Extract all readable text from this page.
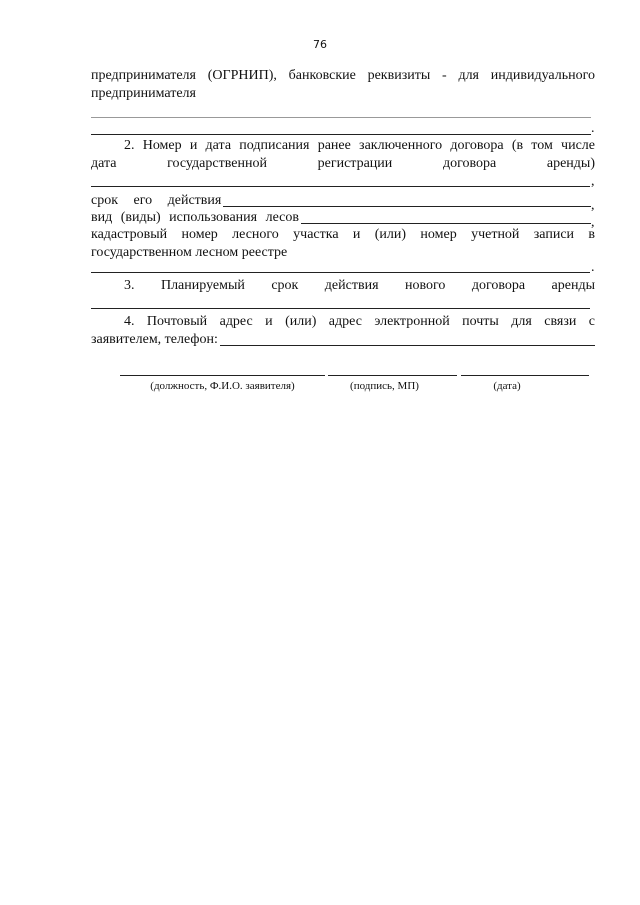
76
предпринимателя (ОГРНИП), банковские реквизиты - для индивидуального
предпринимателя
.
2. Номер и дата подписания ранее заключенного договора (в том числе
дата государственной регистрации договора аренды)
,
срок его действия	,
вид (виды) использования лесов	,
кадастровый номер лесного участка и (или) номер учетной записи в
государственном лесном реестре
.
3. Планируемый срок действия нового договора аренды
4. Почтовый адрес и (или) адрес электронной почты для связи с
заявителем, телефон:
(должность, Ф.И.О. заявителя)	(подпись, МП)	(дата)
